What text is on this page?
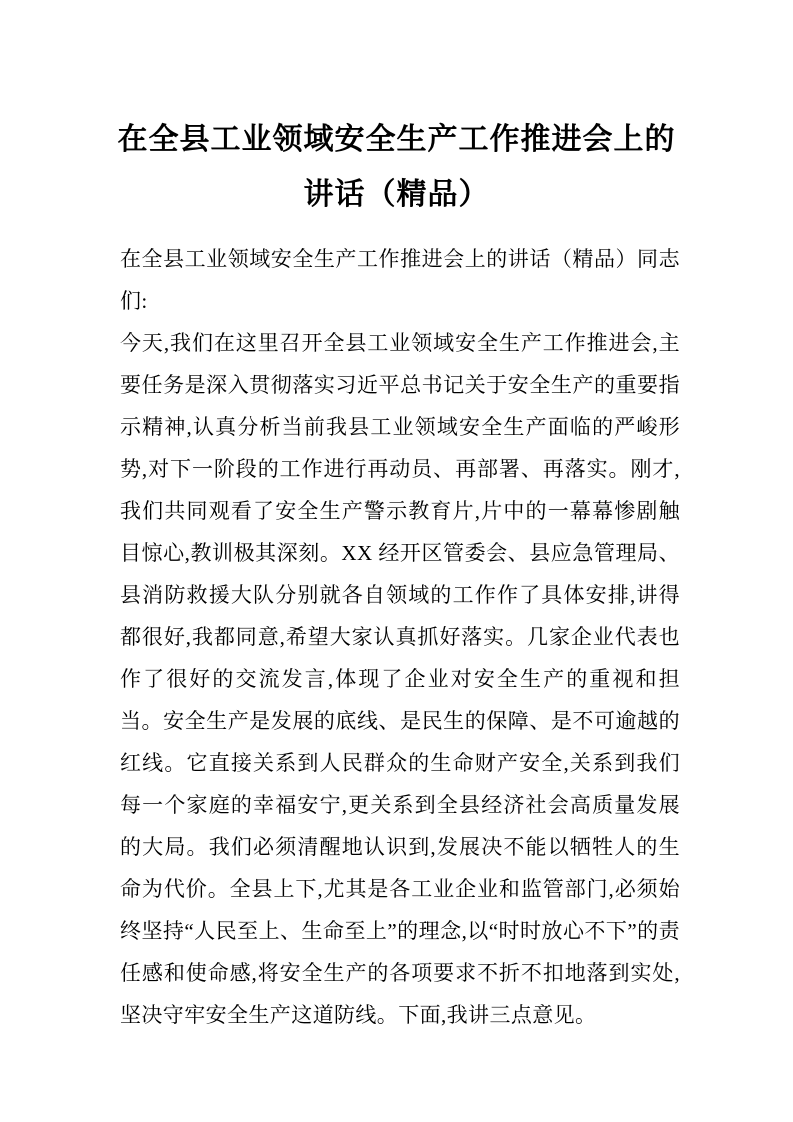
在全县工业领域安全生产工作推进会上的讲话（精品）

在全县工业领域安全生产工作推进会上的讲话（精品）同志们:

今天,我们在这里召开全县工业领域安全生产工作推进会,主要任务是深入贯彻落实习近平总书记关于安全生产的重要指示精神,认真分析当前我县工业领域安全生产面临的严峻形势,对下一阶段的工作进行再动员、再部署、再落实。刚才,我们共同观看了安全生产警示教育片,片中的一幕幕惨剧触目惊心,教训极其深刻。XX 经开区管委会、县应急管理局、县消防救援大队分别就各自领域的工作作了具体安排,讲得都很好,我都同意,希望大家认真抓好落实。几家企业代表也作了很好的交流发言,体现了企业对安全生产的重视和担当。安全生产是发展的底线、是民生的保障、是不可逾越的红线。它直接关系到人民群众的生命财产安全,关系到我们每一个家庭的幸福安宁,更关系到全县经济社会高质量发展的大局。我们必须清醒地认识到,发展决不能以牺牲人的生命为代价。全县上下,尤其是各工业企业和监管部门,必须始终坚持“人民至上、生命至上”的理念,以“时时放心不下”的责任感和使命感,将安全生产的各项要求不折不扣地落到实处,坚决守牢安全生产这道防线。下面,我讲三点意见。
